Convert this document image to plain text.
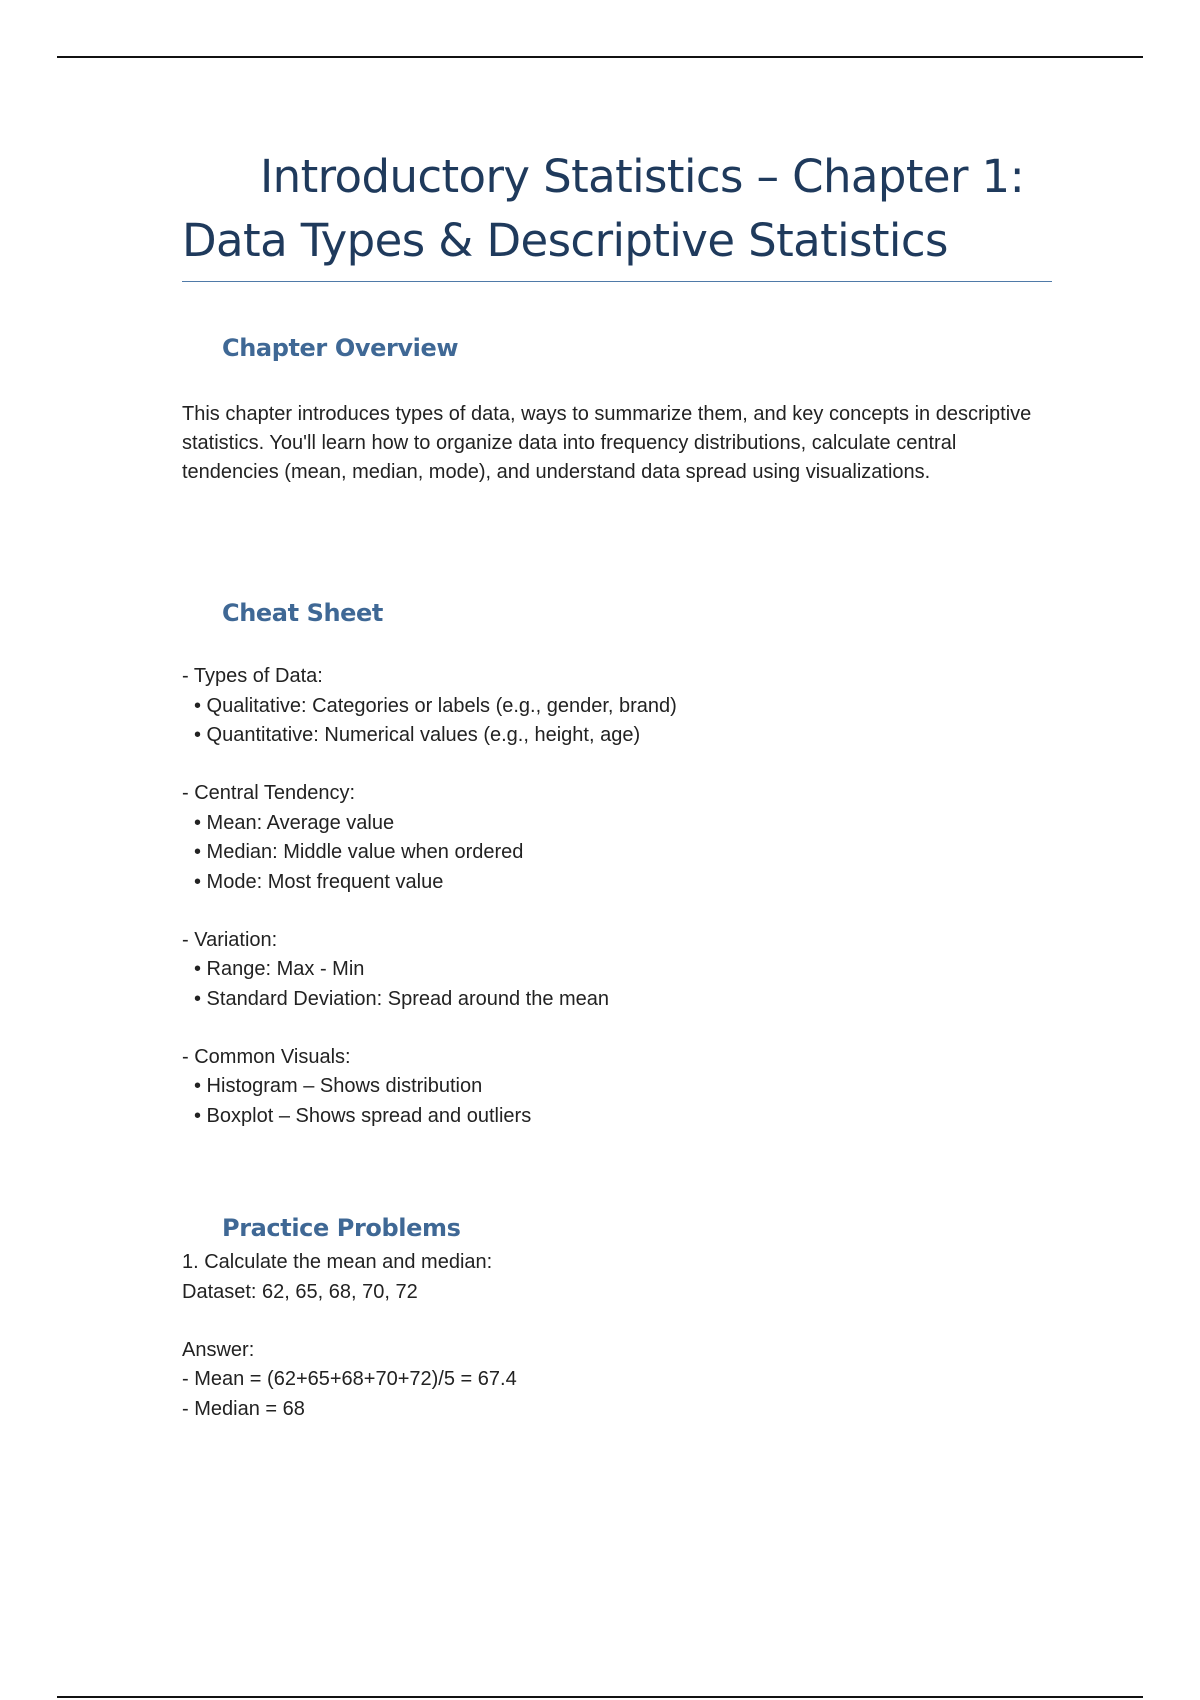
Introductory Statistics – Chapter 1: Data Types & Descriptive Statistics
Chapter Overview

This chapter introduces types of data, ways to summarize them, and key concepts in descriptive statistics. You'll learn how to organize data into frequency distributions, calculate central tendencies (mean, median, mode), and understand data spread using visualizations.

Cheat Sheet

- Types of Data:

• Qualitative: Categories or labels (e.g., gender, brand)

• Quantitative: Numerical values (e.g., height, age)

- Central Tendency:

• Mean: Average value

• Median: Middle value when ordered

• Mode: Most frequent value

- Variation:

• Range: Max - Min

• Standard Deviation: Spread around the mean

- Common Visuals:

• Histogram – Shows distribution

• Boxplot – Shows spread and outliers

Practice Problems

1. Calculate the mean and median:

Dataset: 62, 65, 68, 70, 72

Answer:

- Mean = (62+65+68+70+72)/5 = 67.4

- Median = 68
